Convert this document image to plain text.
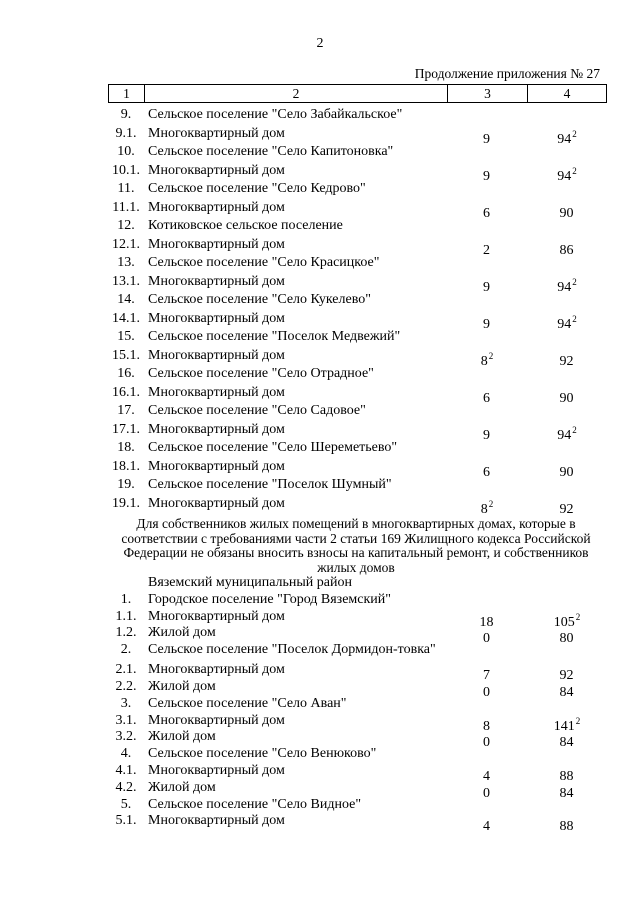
2
Продолжение приложения № 27
1	2	3	4
9.	Сельское поселение "Село Забайкальское"
9.1. Многоквартирный дом	9	$94^2$
10. Сельское поселение "Село Капитоновка"
10.1. Многоквартирный дом	9	$94^2$
11. Сельское поселение "Село Кедрово"
11.1. Многоквартирный дом	6	90
12. Котиковское сельское поселение
12.1. Многоквартирный дом	2	86
13. Сельское поселение "Село Красицкое"
13.1. Многоквартирный дом	9	$94^2$
14. Сельское поселение "Село Кукелево"
14.1. Многоквартирный дом	9	$94^2$
15. Сельское поселение "Поселок Медвежий"
15.1. Многоквартирный дом	$8^2$	92
16. Сельское поселение "Село Отрадное"
16.1. Многоквартирный дом	6	90
17. Сельское поселение "Село Садовое"
17.1. Многоквартирный дом	9	$94^2$
18. Сельское поселение "Село Шереметьево"
18.1. Многоквартирный дом	6	90
19. Сельское поселение "Поселок Шумный"
19.1. Многоквартирный дом	$8^2$	92
Для собственников жилых помещений в многоквартирных домах, которые в соответствии с требованиями части 2 статьи 169 Жилищного кодекса Российской Федерации не обязаны вносить взносы на капитальный ремонт, и собственников жилых домов
Вяземский муниципальный район
1.	Городское поселение "Город Вяземский"
1.1. Многоквартирный дом	18	$105^2$
1.2. Жилой дом	0	80
2.	Сельское поселение "Поселок Дормидон-товка"
2.1. Многоквартирный дом	7	92
2.2. Жилой дом	0	84
3.	Сельское поселение "Село Аван"
3.1. Многоквартирный дом	8	$141^2$
3.2. Жилой дом	0	84
4.	Сельское поселение "Село Венюково"
4.1. Многоквартирный дом	4	88
4.2. Жилой дом	0	84
5.	Сельское поселение "Село Видное"
5.1. Многоквартирный дом	4	88
